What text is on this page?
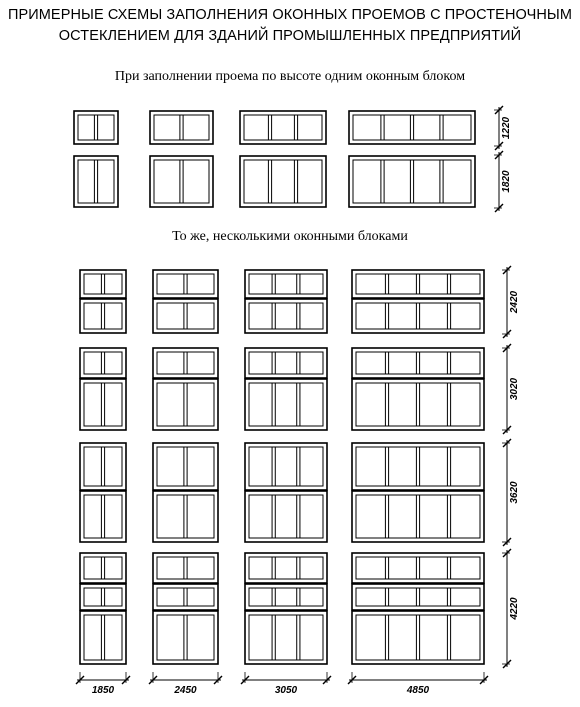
ПРИМЕРНЫЕ СХЕМЫ ЗАПОЛНЕНИЯ ОКОННЫХ ПРОЕМОВ С ПРОСТЕНОЧНЫМ
ОСТЕКЛЕНИЕМ ДЛЯ ЗДАНИЙ ПРОМЫШЛЕННЫХ ПРЕДПРИЯТИЙ
При заполнении проема по высоте одним оконным блоком
То же, несколькими оконными блоками
1220
1820
2420
3020
3620
4220
1850	2450	3050	4850
